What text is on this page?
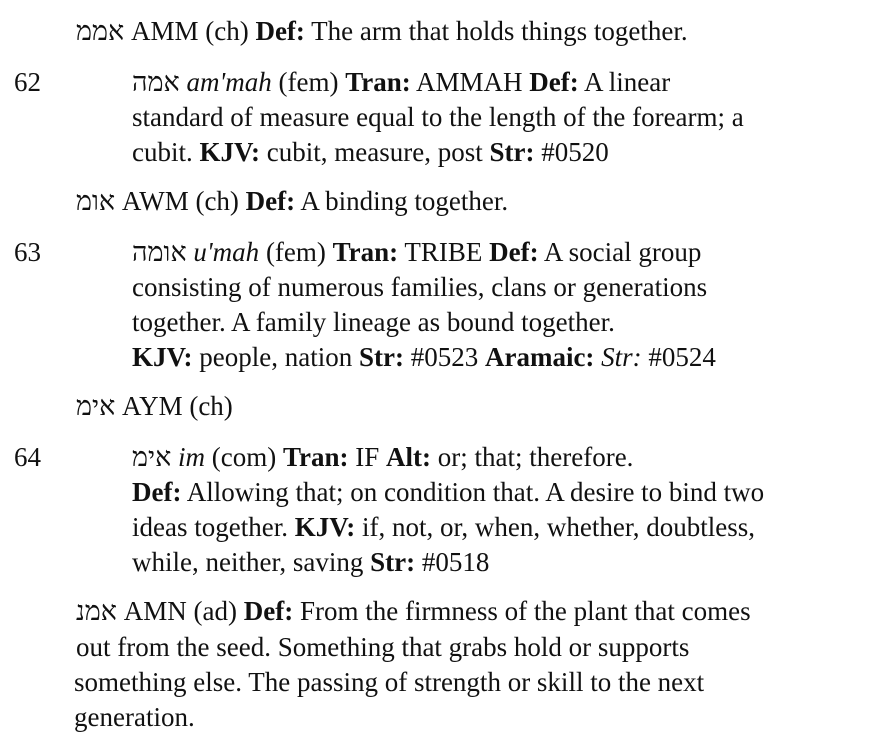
אממ AMM (ch) Def: The arm that holds things together.
62	אמה am'mah (fem) Tran: AMMAH Def: A linear
standard of measure equal to the length of the forearm; a
cubit. KJV: cubit, measure, post Str: #0520
אומ AWM (ch) Def: A binding together.
63	אומה u'mah (fem) Tran: TRIBE Def: A social group
consisting of numerous families, clans or generations
together. A family lineage as bound together.
KJV: people, nation Str: #0523 Aramaic: Str: #0524
אימ AYM (ch)
64	אימ im (com) Tran: IF Alt: or; that; therefore.
Def: Allowing that; on condition that. A desire to bind two
ideas together. KJV: if, not, or, when, whether, doubtless,
while, neither, saving Str: #0518
אמנ AMN (ad) Def: From the firmness of the plant that comes
out from the seed. Something that grabs hold or supports
something else. The passing of strength or skill to the next
generation.
